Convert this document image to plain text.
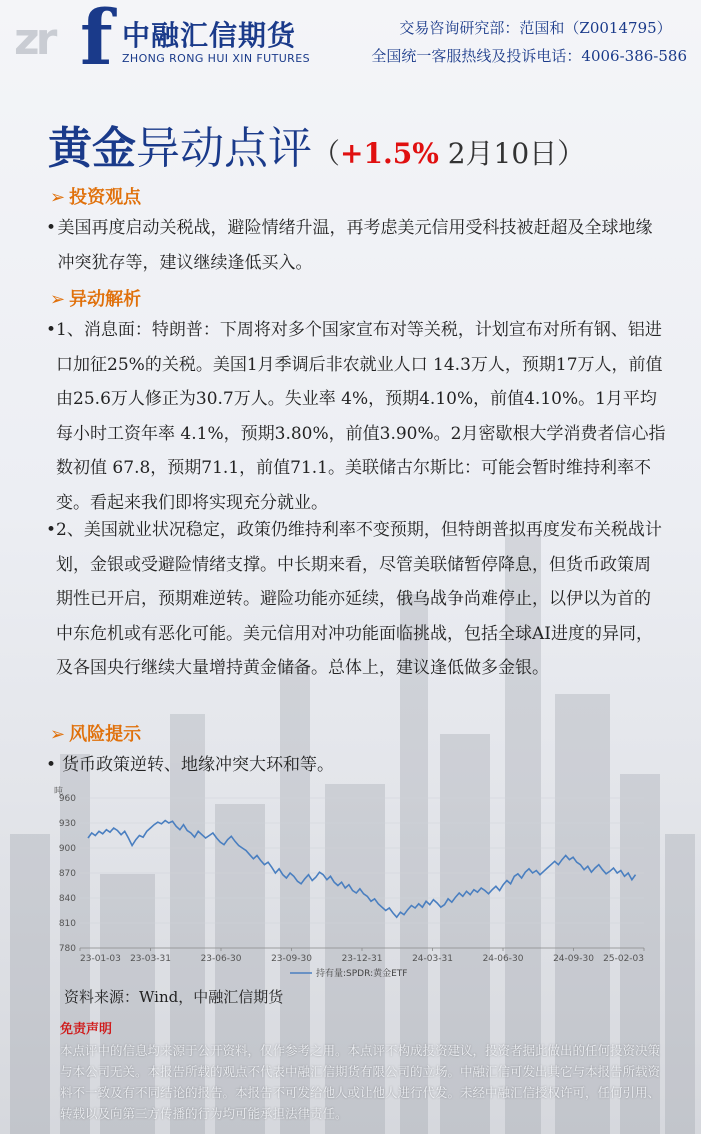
zr f 中融汇信期货
ZHONG RONG HUI XIN FUTURES
交易咨询研究部：范国和（Z0014795）
全国统一客服热线及投诉电话：4006-386-586
黄金异动点评（+1.5% 2月10日）
➢ 投资观点
• 美国再度启动关税战，避险情绪升温，再考虑美元信用受科技被赶超及全球地缘冲突犹存等，建议继续逢低买入。
➢ 异动解析
• 1、消息面：特朗普：下周将对多个国家宣布对等关税，计划宣布对所有钢、铝进口加征25%的关税。美国1月季调后非农就业人口 14.3万人，预期17万人，前值由25.6万人修正为30.7万人。失业率 4%，预期4.10%，前值4.10%。1月平均每小时工资年率 4.1%，预期3.80%，前值3.90%。2月密歇根大学消费者信心指数初值 67.8，预期71.1，前值71.1。美联储古尔斯比：可能会暂时维持利率不变。看起来我们即将实现充分就业。
• 2、美国就业状况稳定，政策仍维持利率不变预期，但特朗普拟再度发布关税战计划，金银或受避险情绪支撑。中长期来看，尽管美联储暂停降息，但货币政策周期性已开启，预期难逆转。避险功能亦延续，俄乌战争尚难停止，以伊以为首的中东危机或有恶化可能。美元信用对冲功能面临挑战，包括全球AI进度的异同，及各国央行继续大量增持黄金储备。总体上，建议逢低做多金银。
➢ 风险提示
• 货币政策逆转、地缘冲突大环和等。
960
930
900
870
840
810
780
23-01-03 23-03-31	23-06-30	23-09-30	23-12-31	24-03-31	24-06-30	24-09-30 25-02-03
吨
持有量:SPDR:黄金ETF
资料来源：Wind，中融汇信期货
免责声明
本点评中的信息均来源于公开资料，仅作参考之用。本点评不构成投资建议，投资者据此做出的任何投资决策与本公司无关。本报告所载的观点不代表中融汇信期货有限公司的立场。中融汇信可发出其它与本报告所载资料不一致及有不同结论的报告。本报告不可发给他人或让他人进行代发。未经中融汇信授权许可，任何引用、转载以及向第三方传播的行为均可能承担法律责任。
